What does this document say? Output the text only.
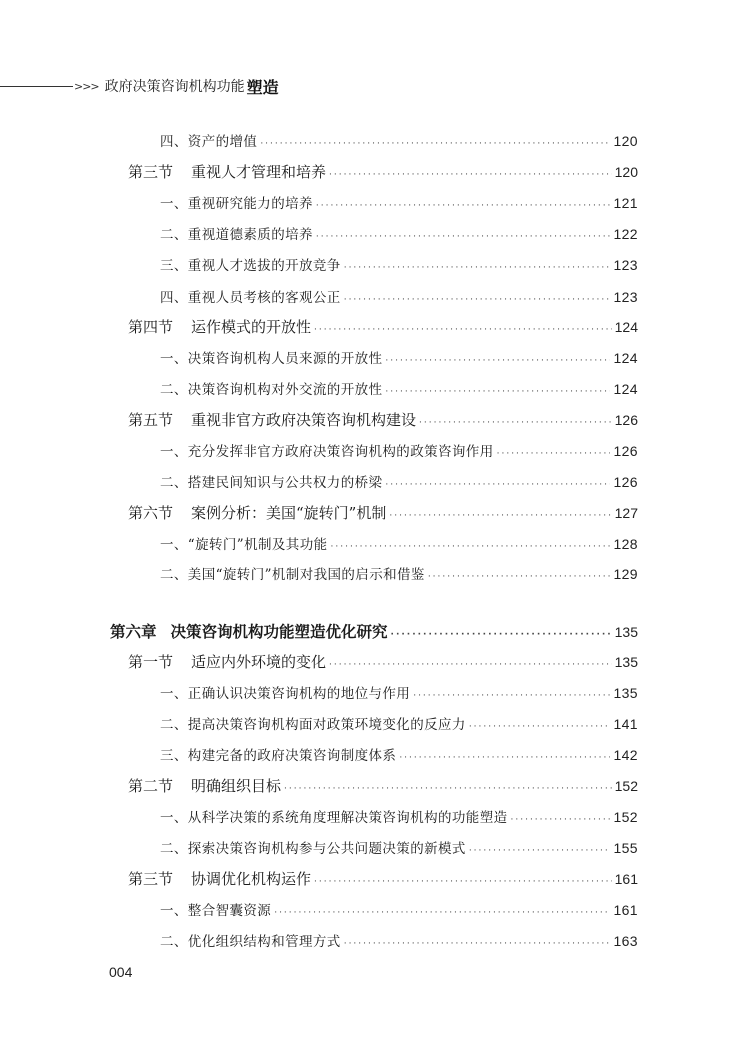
>>> 政府决策咨询机构功能 塑造
四、资产的增值 ·····	120
第三节 重视人才管理和培养 ·····	120
一、重视研究能力的培养 ·····	121
二、重视道德素质的培养 ·····	122
三、重视人才选拔的开放竞争 ·····	123
四、重视人员考核的客观公正 ·····	123
第四节 运作模式的开放性 ·····	124
一、决策咨询机构人员来源的开放性 ·····	124
二、决策咨询机构对外交流的开放性 ·····	124
第五节 重视非官方政府决策咨询机构建设 ·····	126
一、充分发挥非官方政府决策咨询机构的政策咨询作用 ·····	126
二、搭建民间知识与公共权力的桥梁 ·····	126
第六节 案例分析：美国“旋转门”机制 ·····	127
一、“旋转门”机制及其功能 ·····	128
二、美国“旋转门”机制对我国的启示和借鉴 ·····	129
第六章 决策咨询机构功能塑造优化研究 ·····	135
第一节 适应内外环境的变化 ·····	135
一、正确认识决策咨询机构的地位与作用 ·····	135
二、提高决策咨询机构面对政策环境变化的反应力 ·····	141
三、构建完备的政府决策咨询制度体系 ·····	142
第二节 明确组织目标 ·····	152
一、从科学决策的系统角度理解决策咨询机构的功能塑造 ·····	152
二、探索决策咨询机构参与公共问题决策的新模式 ·····	155
第三节 协调优化机构运作 ·····	161
一、整合智囊资源 ·····	161
二、优化组织结构和管理方式 ·····	163
004
